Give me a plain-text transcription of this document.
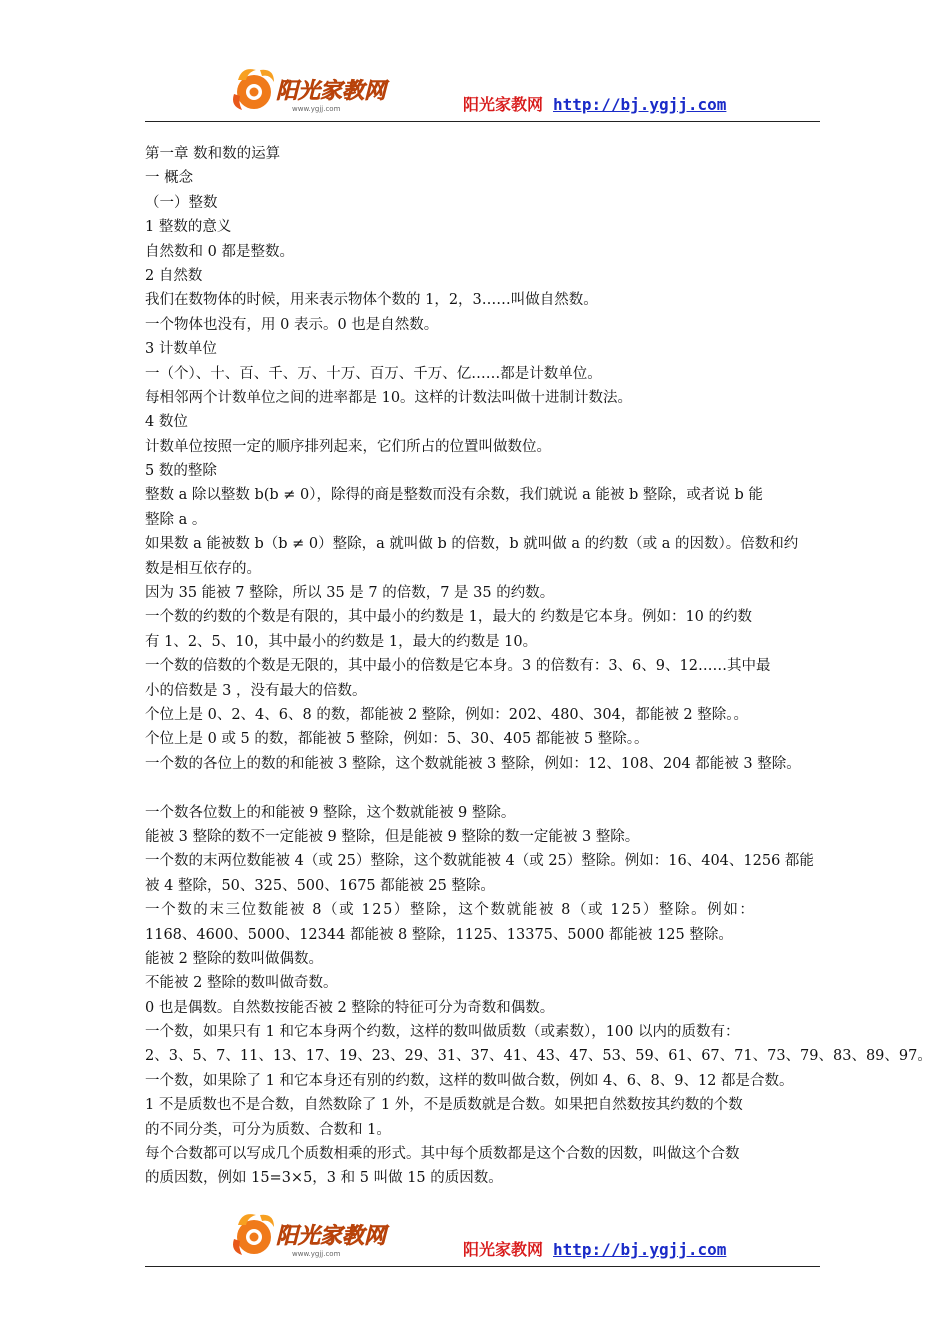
阳光家教网
www.ygjj.com	阳光家教网 http://bj.ygjj.com
第一章 数和数的运算
一 概念
（一）整数
1 整数的意义
自然数和 0 都是整数。
2 自然数
我们在数物体的时候，用来表示物体个数的 1，2，3……叫做自然数。
一个物体也没有，用 0 表示。0 也是自然数。
3 计数单位
一（个）、十、百、千、万、十万、百万、千万、亿……都是计数单位。
每相邻两个计数单位之间的进率都是 10。这样的计数法叫做十进制计数法。
4 数位
计数单位按照一定的顺序排列起来，它们所占的位置叫做数位。
5 数的整除
整数 a 除以整数 b(b ≠ 0），除得的商是整数而没有余数，我们就说 a 能被 b 整除，或者说 b 能
整除 a 。
如果数 a 能被数 b（b ≠ 0）整除，a 就叫做 b 的倍数，b 就叫做 a 的约数（或 a 的因数）。倍数和约
数是相互依存的。
因为 35 能被 7 整除，所以 35 是 7 的倍数，7 是 35 的约数。
一个数的约数的个数是有限的，其中最小的约数是 1，最大的 约数是它本身。例如：10 的约数
有 1、2、5、10，其中最小的约数是 1，最大的约数是 10。
一个数的倍数的个数是无限的，其中最小的倍数是它本身。3 的倍数有：3、6、9、12……其中最
小的倍数是 3 ，没有最大的倍数。
个位上是 0、2、4、6、8 的数，都能被 2 整除，例如：202、480、304，都能被 2 整除。。
个位上是 0 或 5 的数，都能被 5 整除，例如：5、30、405 都能被 5 整除。。
一个数的各位上的数的和能被 3 整除，这个数就能被 3 整除，例如：12、108、204 都能被 3 整除。
一个数各位数上的和能被 9 整除，这个数就能被 9 整除。
能被 3 整除的数不一定能被 9 整除，但是能被 9 整除的数一定能被 3 整除。
一个数的末两位数能被 4（或 25）整除，这个数就能被 4（或 25）整除。例如：16、404、1256 都能
被 4 整除，50、325、500、1675 都能被 25 整除。
一个数的末三位数能被 8（或 125）整除，这个数就能被 8（或 125）整除。例如：
1168、4600、5000、12344 都能被 8 整除，1125、13375、5000 都能被 125 整除。
能被 2 整除的数叫做偶数。
不能被 2 整除的数叫做奇数。
0 也是偶数。自然数按能否被 2 整除的特征可分为奇数和偶数。
一个数，如果只有 1 和它本身两个约数，这样的数叫做质数（或素数），100 以内的质数有：
2、3、5、7、11、13、17、19、23、29、31、37、41、43、47、53、59、61、67、71、73、79、83、89、97。
一个数，如果除了 1 和它本身还有别的约数，这样的数叫做合数，例如 4、6、8、9、12 都是合数。
1 不是质数也不是合数，自然数除了 1 外，不是质数就是合数。如果把自然数按其约数的个数
的不同分类，可分为质数、合数和 1。
每个合数都可以写成几个质数相乘的形式。其中每个质数都是这个合数的因数，叫做这个合数
的质因数，例如 15=3×5，3 和 5 叫做 15 的质因数。
阳光家教网
www.ygjj.com	阳光家教网 http://bj.ygjj.com
